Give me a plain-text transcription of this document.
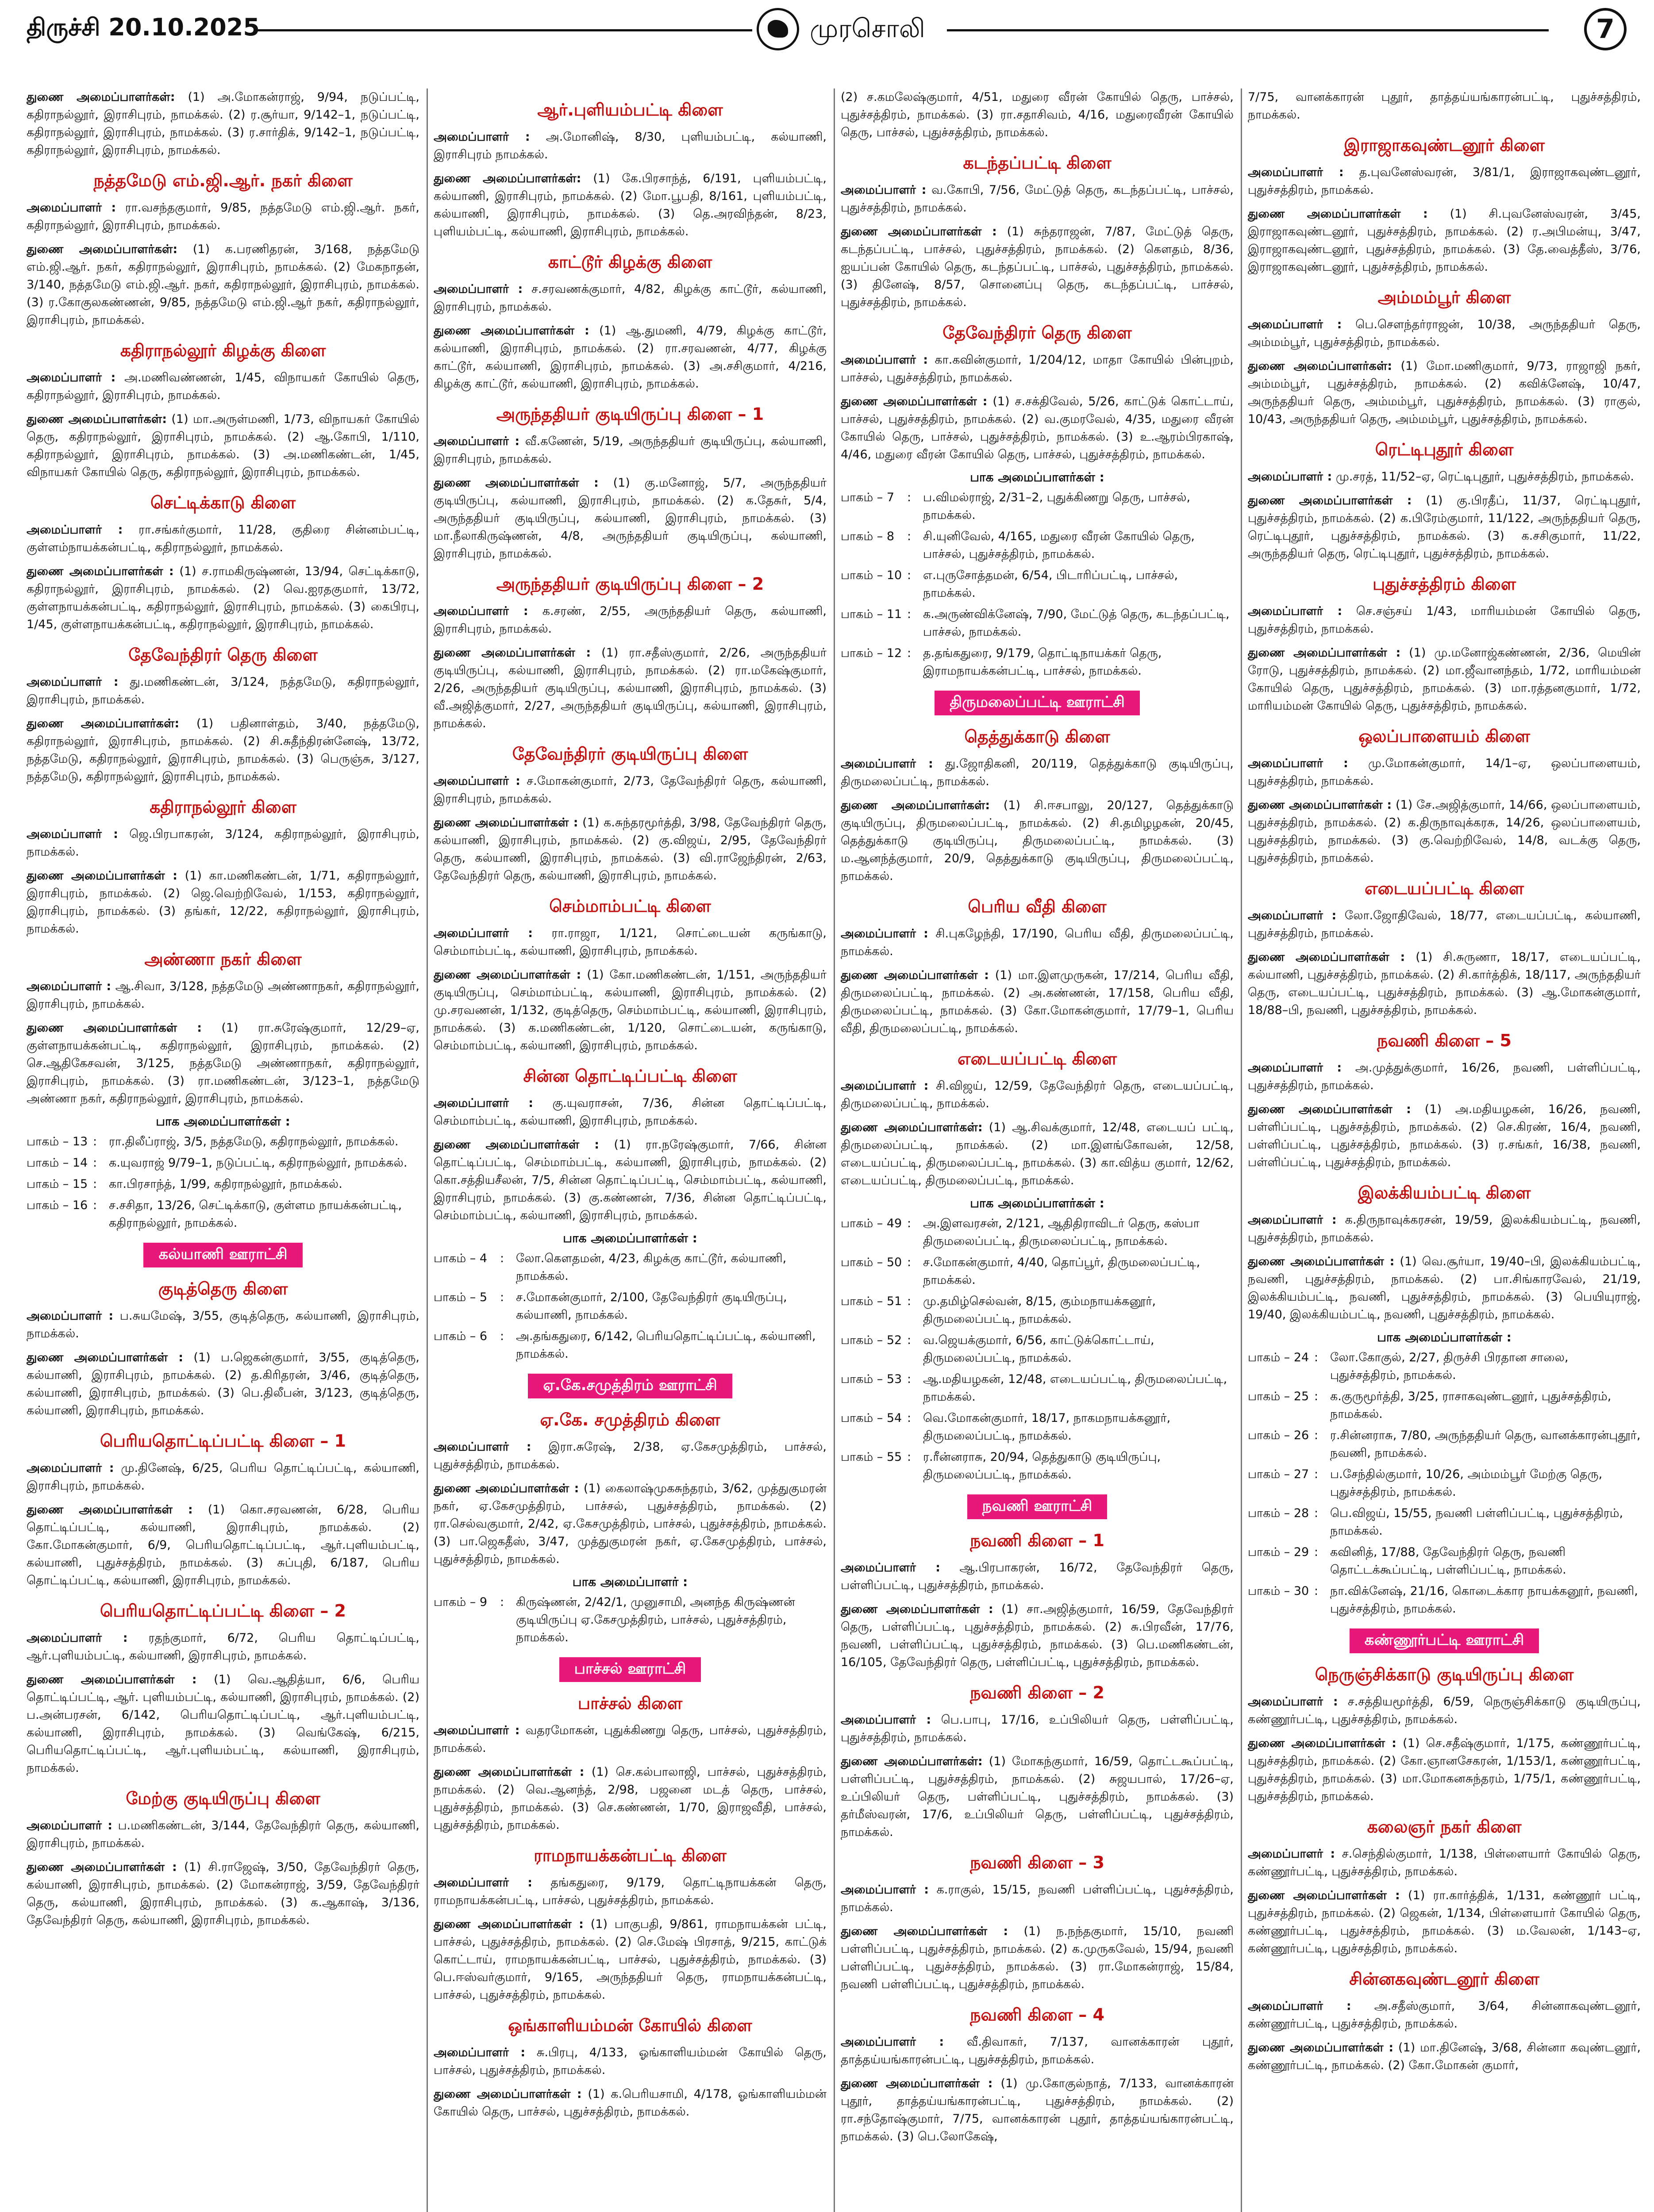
திருச்சி 20.10.2025	முரசொலி	7
துணை அமைப்பாளர்கள்: (1) அ.மோகன்ராஜ், 9/94, நடுப்பட்டி, கதிராநல்லூர், இராசிபுரம், நாமக்கல். (2) ர.சூர்யா, 9/142–1, நடுப்பட்டி, கதிராநல்லூர், இராசிபுரம், நாமக்கல். (3) ர.சார்திக், 9/142–1, நடுப்பட்டி, கதிராநல்லூர், இராசிபுரம், நாமக்கல்.
நத்தமேடு எம்.ஜி.ஆர். நகர் கிளை
அமைப்பாளர் : ரா.வசந்தகுமார், 9/85, நத்தமேடு எம்.ஜி.ஆர். நகர், கதிராநல்லூர், இராசிபுரம், நாமக்கல்.
துணை அமைப்பாளர்கள்: (1) க.பரணிதரன், 3/168, நத்தமேடு எம்.ஜி.ஆர். நகர், கதிராநல்லூர், இராசிபுரம், நாமக்கல். (2) மேகநாதன், 3/140, நத்தமேடு எம்.ஜி.ஆர். நகர், கதிராநல்லூர், இராசிபுரம், நாமக்கல். (3) ர.கோகுலகண்ணன், 9/85, நத்தமேடு எம்.ஜி.ஆர் நகர், கதிராநல்லூர், இராசிபுரம், நாமக்கல்.
கதிராநல்லூர் கிழக்கு கிளை
அமைப்பாளர் : அ.மணிவண்ணன், 1/45, விநாயகர் கோயில் தெரு, கதிராநல்லூர், இராசிபுரம், நாமக்கல்.
துணை அமைப்பாளர்கள்: (1) மா.அருள்மணி, 1/73, விநாயகர் கோயில் தெரு, கதிராநல்லூர், இராசிபுரம், நாமக்கல். (2) ஆ.கோபி, 1/110, கதிராநல்லூர், இராசிபுரம், நாமக்கல். (3) அ.மணிகண்டன், 1/45, விநாயகர் கோயில் தெரு, கதிராநல்லூர், இராசிபுரம், நாமக்கல்.
செட்டிக்காடு கிளை
அமைப்பாளர் : ரா.சங்கர்குமார், 11/28, குதிரை சின்னம்பட்டி, குள்ளம்நாயக்கன்பட்டி, கதிராநல்லூர், நாமக்கல்.
துணை அமைப்பாளர்கள் : (1) ச.ராமகிருஷ்ணன், 13/94, செட்டிக்காடு, கதிராநல்லூர், இராசிபுரம், நாமக்கல். (2) வெ.ஐரதகுமார், 13/72, குள்ளநாயக்கன்பட்டி, கதிராநல்லூர், இராசிபுரம், நாமக்கல். (3) கைபிரபு, 1/45, குள்ளநாயக்கன்பட்டி, கதிராநல்லூர், இராசிபுரம், நாமக்கல்.
தேவேந்திரர் தெரு கிளை
அமைப்பாளர் : து.மணிகண்டன், 3/124, நத்தமேடு, கதிராநல்லூர், இராசிபுரம், நாமக்கல்.
துணை அமைப்பாளர்கள்: (1) பதினாள்தம், 3/40, நத்தமேடு, கதிராநல்லூர், இராசிபுரம், நாமக்கல். (2) சி.சுதீந்திரன்னேஷ், 13/72, நத்தமேடு, கதிராநல்லூர், இராசிபுரம், நாமக்கல். (3) பெருஞ்சு, 3/127, நத்தமேடு, கதிராநல்லூர், இராசிபுரம், நாமக்கல்.
கதிராநல்லூர் கிளை
அமைப்பாளர் : ஜெ.பிரபாகரன், 3/124, கதிராநல்லூர், இராசிபுரம், நாமக்கல்.
துணை அமைப்பாளர்கள் : (1) கா.மணிகண்டன், 1/71, கதிராநல்லூர், இராசிபுரம், நாமக்கல். (2) ஜெ.வெற்றிவேல், 1/153, கதிராநல்லூர், இராசிபுரம், நாமக்கல். (3) தங்கர், 12/22, கதிராநல்லூர், இராசிபுரம், நாமக்கல்.
அண்ணா நகர் கிளை
அமைப்பாளர் : ஆ.சிவா, 3/128, நத்தமேடு அண்ணாநகர், கதிராநல்லூர், இராசிபுரம், நாமக்கல்.
துணை அமைப்பாளர்கள் : (1) ரா.சுரேஷ்குமார், 12/29–ஏ, குள்ளநாயக்கன்பட்டி, கதிராநல்லூர், இராசிபுரம், நாமக்கல். (2) செ.ஆதிகேசவன், 3/125, நத்தமேடு அண்ணாநகர், கதிராநல்லூர், இராசிபுரம், நாமக்கல். (3) ரா.மணிகண்டன், 3/123–1, நத்தமேடு அண்ணா நகர், கதிராநல்லூர், இராசிபுரம், நாமக்கல்.
பாக அமைப்பாளர்கள் :
பாகம் – 13 : ரா.திலீப்ராஜ், 3/5, நத்தமேடு, கதிராநல்லூர், நாமக்கல்.
பாகம் – 14 : க.யுவராஜ் 9/79–1, நடுப்பட்டி, கதிராநல்லூர், நாமக்கல்.
பாகம் – 15 : கா.பிரசாந்த், 1/99, கதிராநல்லூர், நாமக்கல்.
பாகம் – 16 : ச.சசிதா, 13/26, செட்டிக்காடு, குள்ளம நாயக்கன்பட்டி, கதிராநல்லூர், நாமக்கல்.
கல்யாணி ஊராட்சி
குடித்தெரு கிளை
அமைப்பாளர் : ப.சுயமேஷ், 3/55, குடித்தெரு, கல்யாணி, இராசிபுரம், நாமக்கல்.
துணை அமைப்பாளர்கள் : (1) ப.ஜெகன்குமார், 3/55, குடித்தெரு, கல்யாணி, இராசிபுரம், நாமக்கல். (2) த.கிரிதரன், 3/46, குடித்தெரு, கல்யாணி, இராசிபுரம், நாமக்கல். (3) பெ.திலீபன், 3/123, குடித்தெரு, கல்யாணி, இராசிபுரம், நாமக்கல்.
பெரியதொட்டிப்பட்டி கிளை – 1
அமைப்பாளர் : மு.தினேஷ், 6/25, பெரிய தொட்டிப்பட்டி, கல்யாணி, இராசிபுரம், நாமக்கல்.
துணை அமைப்பாளர்கள் : (1) கொ.சரவணன், 6/28, பெரிய தொட்டிப்பட்டி, கல்யாணி, இராசிபுரம், நாமக்கல். (2) கோ.மோகன்குமார், 6/9, பெரியதொட்டிப்பட்டி, ஆர்.புளியம்பட்டி, கல்யாணி, புதுச்சத்திரம், நாமக்கல். (3) சுப்புதி, 6/187, பெரிய தொட்டிப்பட்டி, கல்யாணி, இராசிபுரம், நாமக்கல்.
பெரியதொட்டிப்பட்டி கிளை – 2
அமைப்பாளர் : ரதந்குமார், 6/72, பெரிய தொட்டிப்பட்டி, ஆர்.புளியம்பட்டி, கல்யாணி, இராசிபுரம், நாமக்கல்.
துணை அமைப்பாளர்கள் : (1) வெ.ஆதித்யா, 6/6, பெரிய தொட்டிப்பட்டி, ஆர். புளியம்பட்டி, கல்யாணி, இராசிபுரம், நாமக்கல். (2) ப.அன்பரசன், 6/142, பெரியதொட்டிப்பட்டி, ஆர்.புளியம்பட்டி, கல்யாணி, இராசிபுரம், நாமக்கல். (3) வெங்கேஷ், 6/215, பெரியதொட்டிப்பட்டி, ஆர்.புளியம்பட்டி, கல்யாணி, இராசிபுரம், நாமக்கல்.
மேற்கு குடியிருப்பு கிளை
அமைப்பாளர் : ப.மணிகண்டன், 3/144, தேவேந்திரர் தெரு, கல்யாணி, இராசிபுரம், நாமக்கல்.
துணை அமைப்பாளர்கள் : (1) சி.ராஜேஷ், 3/50, தேவேந்திரர் தெரு, கல்யாணி, இராசிபுரம், நாமக்கல். (2) மோகன்ராஜ், 3/59, தேவேந்திரர் தெரு, கல்யாணி, இராசிபுரம், நாமக்கல். (3) க.ஆகாஷ், 3/136, தேவேந்திரர் தெரு, கல்யாணி, இராசிபுரம், நாமக்கல்.
ஆர்.புளியம்பட்டி கிளை
அமைப்பாளர் : அ.மோனிஷ், 8/30, புளியம்பட்டி, கல்யாணி, இராசிபுரம் நாமக்கல்.
துணை அமைப்பாளர்கள்: (1) கே.பிரசாந்த், 6/191, புளியம்பட்டி, கல்யாணி, இராசிபுரம், நாமக்கல். (2) மோ.பூபதி, 8/161, புளியம்பட்டி, கல்யாணி, இராசிபுரம், நாமக்கல். (3) தெ.அரவிந்தன், 8/23, புளியம்பட்டி, கல்யாணி, இராசிபுரம், நாமக்கல்.
காட்டூர் கிழக்கு கிளை
அமைப்பாளர் : ச.சரவணக்குமார், 4/82, கிழக்கு காட்டூர், கல்யாணி, இராசிபுரம், நாமக்கல்.
துணை அமைப்பாளர்கள் : (1) ஆ.துமணி, 4/79, கிழக்கு காட்டூர், கல்யாணி, இராசிபுரம், நாமக்கல். (2) ரா.சரவணன், 4/77, கிழக்கு காட்டூர், கல்யாணி, இராசிபுரம், நாமக்கல். (3) அ.சசிகுமார், 4/216, கிழக்கு காட்டூர், கல்யாணி, இராசிபுரம், நாமக்கல்.
அருந்ததியர் குடியிருப்பு கிளை – 1
அமைப்பாளர் : வீ.கணேன், 5/19, அருந்ததியர் குடியிருப்பு, கல்யாணி, இராசிபுரம், நாமக்கல்.
துணை அமைப்பாளர்கள் : (1) கு.மனோஜ், 5/7, அருந்ததியர் குடியிருப்பு, கல்யாணி, இராசிபுரம், நாமக்கல். (2) க.தேசுர், 5/4, அருந்ததியர் குடியிருப்பு, கல்யாணி, இராசிபுரம், நாமக்கல். (3) மா.நீலாகிருஷ்ணன், 4/8, அருந்ததியர் குடியிருப்பு, கல்யாணி, இராசிபுரம், நாமக்கல்.
அருந்ததியர் குடியிருப்பு கிளை – 2
அமைப்பாளர் : க.சரண், 2/55, அருந்ததியர் தெரு, கல்யாணி, இராசிபுரம், நாமக்கல்.
துணை அமைப்பாளர்கள் : (1) ரா.சதீஸ்குமார், 2/26, அருந்ததியர் குடியிருப்பு, கல்யாணி, இராசிபுரம், நாமக்கல். (2) ரா.மகேஷ்குமார், 2/26, அருந்ததியர் குடியிருப்பு, கல்யாணி, இராசிபுரம், நாமக்கல். (3) வீ.அஜித்குமார், 2/27, அருந்ததியர் குடியிருப்பு, கல்யாணி, இராசிபுரம், நாமக்கல்.
தேவேந்திரர் குடியிருப்பு கிளை
அமைப்பாளர் : ச.மோகன்குமார், 2/73, தேவேந்திரர் தெரு, கல்யாணி, இராசிபுரம், நாமக்கல்.
துணை அமைப்பாளர்கள் : (1) க.சுந்தரமூர்த்தி, 3/98, தேவேந்திரர் தெரு, கல்யாணி, இராசிபுரம், நாமக்கல். (2) கு.விஜய், 2/95, தேவேந்திரர் தெரு, கல்யாணி, இராசிபுரம், நாமக்கல். (3) வி.ராஜேந்திரன், 2/63, தேவேந்திரர் தெரு, கல்யாணி, இராசிபுரம், நாமக்கல்.
செம்மாம்பட்டி கிளை
அமைப்பாளர் : ரா.ராஜா, 1/121, சொட்டையன் கருங்காடு, செம்மாம்பட்டி, கல்யாணி, இராசிபுரம், நாமக்கல்.
துணை அமைப்பாளர்கள் : (1) கோ.மணிகண்டன், 1/151, அருந்ததியர் குடியிருப்பு, செம்மாம்பட்டி, கல்யாணி, இராசிபுரம், நாமக்கல். (2) மு.சரவணன், 1/132, குடித்தெரு, செம்மாம்பட்டி, கல்யாணி, இராசிபுரம், நாமக்கல். (3) க.மணிகண்டன், 1/120, சொட்டையன், கருங்காடு, செம்மாம்பட்டி, கல்யாணி, இராசிபுரம், நாமக்கல்.
சின்ன தொட்டிப்பட்டி கிளை
அமைப்பாளர் : கு.யுவராசன், 7/36, சின்ன தொட்டிப்பட்டி, செம்மாம்பட்டி, கல்யாணி, இராசிபுரம், நாமக்கல்.
துணை அமைப்பாளர்கள் : (1) ரா.நரேஷ்குமார், 7/66, சின்ன தொட்டிப்பட்டி, செம்மாம்பட்டி, கல்யாணி, இராசிபுரம், நாமக்கல். (2) கொ.சத்தியசீலன், 7/5, சின்ன தொட்டிப்பட்டி, செம்மாம்பட்டி, கல்யாணி, இராசிபுரம், நாமக்கல். (3) கு.கண்ணன், 7/36, சின்ன தொட்டிப்பட்டி, செம்மாம்பட்டி, கல்யாணி, இராசிபுரம், நாமக்கல்.
பாக அமைப்பாளர்கள் :
பாகம் – 4	: லோ.கௌதமன், 4/23, கிழக்கு காட்டூர், கல்யாணி, நாமக்கல்.
பாகம் – 5	: ச.மோகன்குமார், 2/100, தேவேந்திரர் குடியிருப்பு, கல்யாணி, நாமக்கல்.
பாகம் – 6	: அ.தங்கதுரை, 6/142, பெரியதொட்டிப்பட்டி, கல்யாணி, நாமக்கல்.
ஏ.கே.சமுத்திரம் ஊராட்சி
ஏ.கே. சமுத்திரம் கிளை
அமைப்பாளர் : இரா.சுரேஷ், 2/38, ஏ.கேசமுத்திரம், பாச்சல், புதுச்சத்திரம், நாமக்கல்.
துணை அமைப்பாளர்கள் : (1) கைலாஷ்முகசுந்தரம், 3/62, முத்துகுமரன் நகர், ஏ.கேசமுத்திரம், பாச்சல், புதுச்சத்திரம், நாமக்கல். (2) ரா.செல்வகுமார், 2/42, ஏ.கேசமுத்திரம், பாச்சல், புதுச்சத்திரம், நாமக்கல். (3) பா.ஜெகதீஸ், 3/47, முத்துகுமரன் நகர், ஏ.கேசமுத்திரம், பாச்சல், புதுச்சத்திரம், நாமக்கல்.
பாக அமைப்பாளர் :
பாகம் – 9	: கிருஷ்ணன், 2/42/1, முனுசாமி, அனந்த கிருஷ்ணன் குடியிருப்பு ஏ.கேசமுத்திரம், பாச்சல், புதுச்சத்திரம், நாமக்கல்.
பாச்சல் ஊராட்சி
பாச்சல் கிளை
அமைப்பாளர் : வதரமோகன், புதுக்கிணறு தெரு, பாச்சல், புதுச்சத்திரம், நாமக்கல்.
துணை அமைப்பாளர்கள் : (1) செ.கல்பாலாஜி, பாச்சல், புதுச்சத்திரம், நாமக்கல். (2) வெ.ஆனந்த், 2/98, பஜனை மடத் தெரு, பாச்சல், புதுச்சத்திரம், நாமக்கல். (3) செ.கண்ணன், 1/70, இராஜவீதி, பாச்சல், புதுச்சத்திரம், நாமக்கல்.
ராமநாயக்கன்பட்டி கிளை
அமைப்பாளர் : தங்கதுரை, 9/179, தொட்டிநாயக்கன் தெரு, ராமநாயக்கன்பட்டி, பாச்சல், புதுச்சத்திரம், நாமக்கல்.
துணை அமைப்பாளர்கள் : (1) பாகுபதி, 9/861, ராமநாயக்கன் பட்டி, பாச்சல், புதுச்சத்திரம், நாமக்கல். (2) செ.மேஷ் பிரசாத், 9/215, காட்டுக் கொட்டாய், ராமநாயக்கன்பட்டி, பாச்சல், புதுச்சத்திரம், நாமக்கல். (3) பெ.ஈஸ்வர்குமார், 9/165, அருந்ததியர் தெரு, ராமநாயக்கன்பட்டி, பாச்சல், புதுச்சத்திரம், நாமக்கல்.
ஒங்காளியம்மன் கோயில் கிளை
அமைப்பாளர் : சு.பிரபு, 4/133, ஓங்காளியம்மன் கோயில் தெரு, பாச்சல், புதுச்சத்திரம், நாமக்கல்.
துணை அமைப்பாளர்கள் : (1) க.பெரியசாமி, 4/178, ஓங்காளியம்மன் கோயில் தெரு, பாச்சல், புதுச்சத்திரம், நாமக்கல்.
(2) ச.கமலேஷ்குமார், 4/51, மதுரை வீரன் கோயில் தெரு, பாச்சல், புதுச்சத்திரம், நாமக்கல். (3) ரா.சதாசிவம், 4/16, மதுரைவீரன் கோயில் தெரு, பாச்சல், புதுச்சத்திரம், நாமக்கல்.
கடந்தப்பட்டி கிளை
அமைப்பாளர் : வ.கோபி, 7/56, மேட்டுத் தெரு, கடந்தப்பட்டி, பாச்சல், புதுச்சத்திரம், நாமக்கல்.
துணை அமைப்பாளர்கள் : (1) சுந்தராஜன், 7/87, மேட்டுத் தெரு, கடந்தப்பட்டி, பாச்சல், புதுச்சத்திரம், நாமக்கல். (2) கௌதம், 8/36, ஐயப்பன் கோயில் தெரு, கடந்தப்பட்டி, பாச்சல், புதுச்சத்திரம், நாமக்கல். (3) தினேஷ், 8/57, சொனைப்பு தெரு, கடந்தப்பட்டி, பாச்சல், புதுச்சத்திரம், நாமக்கல்.
தேவேந்திரர் தெரு கிளை
அமைப்பாளர் : கா.கவின்குமார், 1/204/12, மாதா கோயில் பின்புறம், பாச்சல், புதுச்சத்திரம், நாமக்கல்.
துணை அமைப்பாளர்கள் : (1) ச.சக்திவேல், 5/26, காட்டுக் கொட்டாய், பாச்சல், புதுச்சத்திரம், நாமக்கல். (2) வ.குமரவேல், 4/35, மதுரை வீரன் கோயில் தெரு, பாச்சல், புதுச்சத்திரம், நாமக்கல். (3) உ.ஆரம்பிரகாஷ், 4/46, மதுரை வீரன் கோயில் தெரு, பாச்சல், புதுச்சத்திரம், நாமக்கல்.
பாக அமைப்பாளர்கள் :
பாகம் – 7	: ப.விமல்ராஜ், 2/31–2, புதுக்கிணறு தெரு, பாச்சல், நாமக்கல்.
பாகம் – 8	: சி.யுனிவேல், 4/165, மதுரை வீரன் கோயில் தெரு, பாச்சல், புதுச்சத்திரம், நாமக்கல்.
பாகம் – 10 : எ.புருசோத்தமன், 6/54, பிடாரிப்பட்டி, பாச்சல், நாமக்கல்.
பாகம் – 11 : க.அருண்விக்னேஷ், 7/90, மேட்டுத் தெரு, கடந்தப்பட்டி, பாச்சல், நாமக்கல்.
பாகம் – 12 : த.தங்கதுரை, 9/179, தொட்டிநாயக்கர் தெரு, இராமநாயக்கன்பட்டி, பாச்சல், நாமக்கல்.
திருமலைப்பட்டி ஊராட்சி
தெத்துக்காடு கிளை
அமைப்பாளர் : து.ஜோதிகனி, 20/119, தெத்துக்காடு குடியிருப்பு, திருமலைப்பட்டி, நாமக்கல்.
துணை அமைப்பாளர்கள்: (1) சி.ஈசபாலு, 20/127, தெத்துக்காடு குடியிருப்பு, திருமலைப்பட்டி, நாமக்கல். (2) சி.தமிழழகன், 20/45, தெத்துக்காடு குடியிருப்பு, திருமலைப்பட்டி, நாமக்கல். (3) ம.ஆனந்த்குமார், 20/9, தெத்துக்காடு குடியிருப்பு, திருமலைப்பட்டி, நாமக்கல்.
பெரிய வீதி கிளை
அமைப்பாளர் : சி.புகழேந்தி, 17/190, பெரிய வீதி, திருமலைப்பட்டி, நாமக்கல்.
துணை அமைப்பாளர்கள் : (1) மா.இளமுருகன், 17/214, பெரிய வீதி, திருமலைப்பட்டி, நாமக்கல். (2) அ.கண்ணன், 17/158, பெரிய வீதி, திருமலைப்பட்டி, நாமக்கல். (3) கோ.மோகன்குமார், 17/79–1, பெரிய வீதி, திருமலைப்பட்டி, நாமக்கல்.
எடையப்பட்டி கிளை
அமைப்பாளர் : சி.விஜய், 12/59, தேவேந்திரர் தெரு, எடையப்பட்டி, திருமலைப்பட்டி, நாமக்கல்.
துணை அமைப்பாளர்கள்: (1) ஆ.சிவக்குமார், 12/48, எடையப் பட்டி, திருமலைப்பட்டி, நாமக்கல். (2) மா.இளங்கோவன், 12/58, எடையப்பட்டி, திருமலைப்பட்டி, நாமக்கல். (3) கா.வித்ய குமார், 12/62, எடையப்பட்டி, திருமலைப்பட்டி, நாமக்கல்.
பாக அமைப்பாளர்கள் :
பாகம் – 49 : அ.இளவரசன், 2/121, ஆதிதிராவிடர் தெரு, கஸ்பா திருமலைப்பட்டி, திருமலைப்பட்டி, நாமக்கல்.
பாகம் – 50 : ச.மோகன்குமார், 4/40, தொப்பூர், திருமலைப்பட்டி, நாமக்கல்.
பாகம் – 51 : மு.தமிழ்செல்வன், 8/15, கும்மநாயக்கனூர், திருமலைப்பட்டி, நாமக்கல்.
பாகம் – 52 : வ.ஜெயக்குமார், 6/56, காட்டுக்கொட்டாய், திருமலைப்பட்டி, நாமக்கல்.
பாகம் – 53 : ஆ.மதியழகன், 12/48, எடையப்பட்டி, திருமலைப்பட்டி, நாமக்கல்.
பாகம் – 54 : வெ.மோகன்குமார், 18/17, நாகமநாயக்கனூர், திருமலைப்பட்டி, நாமக்கல்.
பாகம் – 55 : ர.ரீன்னராசு, 20/94, தெத்துகாடு குடியிருப்பு, திருமலைப்பட்டி, நாமக்கல்.
நவணி ஊராட்சி
நவணி கிளை – 1
அமைப்பாளர் : ஆ.பிரபாகரன், 16/72, தேவேந்திரர் தெரு, பள்ளிப்பட்டி, புதுச்சத்திரம், நாமக்கல்.
துணை அமைப்பாளர்கள் : (1) சா.அஜித்குமார், 16/59, தேவேந்திரர் தெரு, பள்ளிப்பட்டி, புதுச்சத்திரம், நாமக்கல். (2) சு.பிரவீன், 17/76, நவணி, பள்ளிப்பட்டி, புதுச்சத்திரம், நாமக்கல். (3) பெ.மணிகண்டன், 16/105, தேவேந்திரர் தெரு, பள்ளிப்பட்டி, புதுச்சத்திரம், நாமக்கல்.
நவணி கிளை – 2
அமைப்பாளர் : பெ.பாபு, 17/16, உப்பிலியர் தெரு, பள்ளிப்பட்டி, புதுச்சத்திரம், நாமக்கல்.
துணை அமைப்பாளர்கள்: (1) மோகந்குமார், 16/59, தொட்டகூப்பட்டி, பள்ளிப்பட்டி, புதுச்சத்திரம், நாமக்கல். (2) சுஜயபால், 17/26–ஏ, உப்பிலியர் தெரு, பள்ளிப்பட்டி, புதுச்சத்திரம், நாமக்கல். (3) தர்மீஸ்வரன், 17/6, உப்பிலியர் தெரு, பள்ளிப்பட்டி, புதுச்சத்திரம், நாமக்கல்.
நவணி கிளை – 3
அமைப்பாளர் : க.ராகுல், 15/15, நவணி பள்ளிப்பட்டி, புதுச்சத்திரம், நாமக்கல்.
துணை அமைப்பாளர்கள் : (1) ந.நந்தகுமார், 15/10, நவணி பள்ளிப்பட்டி, புதுச்சத்திரம், நாமக்கல். (2) க.முருகவேல், 15/94, நவணி பள்ளிப்பட்டி, புதுச்சத்திரம், நாமக்கல். (3) ரா.மோகன்ராஜ், 15/84, நவணி பள்ளிப்பட்டி, புதுச்சத்திரம், நாமக்கல்.
நவணி கிளை – 4
அமைப்பாளர் : வீ.திவாகர், 7/137, வானக்காரன் புதூர், தாத்தய்யங்காரன்பட்டி, புதுச்சத்திரம், நாமக்கல்.
துணை அமைப்பாளர்கள் : (1) மு.கோகுல்நாத், 7/133, வானக்காரன் புதூர், தாத்தய்யங்காரன்பட்டி, புதுச்சத்திரம், நாமக்கல். (2) ரா.சந்தோஷ்குமார், 7/75, வானக்காரன் புதூர், தாத்தய்யங்காரன்பட்டி, நாமக்கல். (3) பெ.லோகேஷ்,
7/75, வானக்காரன் புதூர், தாத்தய்யங்காரன்பட்டி, புதுச்சத்திரம், நாமக்கல்.
இராஜாகவுண்டனூர் கிளை
அமைப்பாளர் : த.புவனேஸ்வரன், 3/81/1, இராஜாகவுண்டனூர், புதுச்சத்திரம், நாமக்கல்.
துணை அமைப்பாளர்கள் : (1) சி.புவனேஸ்வரன், 3/45, இராஜாகவுண்டனூர், புதுச்சத்திரம், நாமக்கல். (2) ர.அபிமன்யு, 3/47, இராஜாகவுண்டனூர், புதுச்சத்திரம், நாமக்கல். (3) தே.வைத்தீஸ், 3/76, இராஜாகவுண்டனூர், புதுச்சத்திரம், நாமக்கல்.
அம்மம்பூர் கிளை
அமைப்பாளர் : பெ.சௌந்தர்ராஜன், 10/38, அருந்ததியர் தெரு, அம்மம்பூர், புதுச்சத்திரம், நாமக்கல்.
துணை அமைப்பாளர்கள்: (1) மோ.மணிகுமார், 9/73, ராஜாஜி நகர், அம்மம்பூர், புதுச்சத்திரம், நாமக்கல். (2) கவிக்னேஷ், 10/47, அருந்ததியர் தெரு, அம்மம்பூர், புதுச்சத்திரம், நாமக்கல். (3) ராகுல், 10/43, அருந்ததியர் தெரு, அம்மம்பூர், புதுச்சத்திரம், நாமக்கல்.
ரெட்டிபுதூர் கிளை
அமைப்பாளர் : மு.சரத், 11/52–ஏ, ரெட்டிபுதூர், புதுச்சத்திரம், நாமக்கல்.
துணை அமைப்பாளர்கள் : (1) கு.பிரதீப், 11/37, ரெட்டிபுதூர், புதுச்சத்திரம், நாமக்கல். (2) க.பிரேம்குமார், 11/122, அருந்ததியர் தெரு, ரெட்டிபுதூர், புதுச்சத்திரம், நாமக்கல். (3) க.சசிகுமார், 11/22, அருந்ததியர் தெரு, ரெட்டிபுதூர், புதுச்சத்திரம், நாமக்கல்.
புதுச்சத்திரம் கிளை
அமைப்பாளர் : செ.சஞ்சய் 1/43, மாரியம்மன் கோயில் தெரு, புதுச்சத்திரம், நாமக்கல்.
துணை அமைப்பாளர்கள் : (1) மு.மனோஜ்கண்ணன், 2/36, மெயின் ரோடு, புதுச்சத்திரம், நாமக்கல். (2) மா.ஜீவானந்தம், 1/72, மாரியம்மன் கோயில் தெரு, புதுச்சத்திரம், நாமக்கல். (3) மா.ரத்தனகுமார், 1/72, மாரியம்மன் கோயில் தெரு, புதுச்சத்திரம், நாமக்கல்.
ஒலப்பாளையம் கிளை
அமைப்பாளர் : மு.மோகன்குமார், 14/1–ஏ, ஒலப்பாளையம், புதுச்சத்திரம், நாமக்கல்.
துணை அமைப்பாளர்கள் : (1) சே.அஜித்குமார், 14/66, ஒலப்பாளையம், புதுச்சத்திரம், நாமக்கல். (2) க.திருநாவுக்கரசு, 14/26, ஒலப்பாளையம், புதுச்சத்திரம், நாமக்கல். (3) கு.வெற்றிவேல், 14/8, வடக்கு தெரு, புதுச்சத்திரம், நாமக்கல்.
எடையப்பட்டி கிளை
அமைப்பாளர் : லோ.ஜோதிவேல், 18/77, எடையப்பட்டி, கல்யாணி, புதுச்சத்திரம், நாமக்கல்.
துணை அமைப்பாளர்கள் : (1) சி.சுருணா, 18/17, எடையப்பட்டி, கல்யாணி, புதுச்சத்திரம், நாமக்கல். (2) சி.கார்த்திக், 18/117, அருந்ததியர் தெரு, எடையப்பட்டி, புதுச்சத்திரம், நாமக்கல். (3) ஆ.மோகன்குமார், 18/88–பி, நவணி, புதுச்சத்திரம், நாமக்கல்.
நவணி கிளை – 5
அமைப்பாளர் : அ.முத்துக்குமார், 16/26, நவணி, பள்ளிப்பட்டி, புதுச்சத்திரம், நாமக்கல்.
துணை அமைப்பாளர்கள் : (1) அ.மதியழகன், 16/26, நவணி, பள்ளிப்பட்டி, புதுச்சத்திரம், நாமக்கல். (2) செ.கிரண், 16/4, நவணி, பள்ளிப்பட்டி, புதுச்சத்திரம், நாமக்கல். (3) ர.சங்கர், 16/38, நவணி, பள்ளிப்பட்டி, புதுச்சத்திரம், நாமக்கல்.
இலக்கியம்பட்டி கிளை
அமைப்பாளர் : க.திருநாவுக்கரசன், 19/59, இலக்கியம்பட்டி, நவணி, புதுச்சத்திரம், நாமக்கல்.
துணை அமைப்பாளர்கள் : (1) வெ.சூர்யா, 19/40–பி, இலக்கியம்பட்டி, நவணி, புதுச்சத்திரம், நாமக்கல். (2) பா.சிங்காரவேல், 21/19, இலக்கியம்பட்டி, நவணி, புதுச்சத்திரம், நாமக்கல். (3) பெயியுராஜ், 19/40, இலக்கியம்பட்டி, நவணி, புதுச்சத்திரம், நாமக்கல்.
பாக அமைப்பாளர்கள் :
பாகம் – 24 : லோ.கோகுல், 2/27, திருச்சி பிரதான சாலை, புதுச்சத்திரம், நாமக்கல்.
பாகம் – 25 : க.குருமூர்த்தி, 3/25, ராசாகவுண்டனூர், புதுச்சத்திரம், நாமக்கல்.
பாகம் – 26 : ர.சின்னராசு, 7/80, அருந்ததியர் தெரு, வானக்காரன்புதூர், நவணி, நாமக்கல்.
பாகம் – 27 : ப.சேந்தில்குமார், 10/26, அம்மம்பூர் மேற்கு தெரு, புதுச்சத்திரம், நாமக்கல்.
பாகம் – 28 : பெ.விஜய், 15/55, நவணி பள்ளிப்பட்டி, புதுச்சத்திரம், நாமக்கல்.
பாகம் – 29 : கவினித், 17/88, தேவேந்திரர் தெரு, நவணி தொட்டக்கூப்பட்டி, பள்ளிப்பட்டி, நாமக்கல்.
பாகம் – 30 : நா.விக்னேஷ், 21/16, கொடைக்கார நாயக்கனூர், நவணி, புதுச்சத்திரம், நாமக்கல்.
கண்ணூர்பட்டி ஊராட்சி
நெருஞ்சிக்காடு குடியிருப்பு கிளை
அமைப்பாளர் : ச.சத்தியமூர்த்தி, 6/59, நெருஞ்சிக்காடு குடியிருப்பு, கண்ணூர்பட்டி, புதுச்சத்திரம், நாமக்கல்.
துணை அமைப்பாளர்கள் : (1) செ.சதீஷ்குமார், 1/175, கண்ணூர்பட்டி, புதுச்சத்திரம், நாமக்கல். (2) கோ.ஞானசேகரன், 1/153/1, கண்ணூர்பட்டி, புதுச்சத்திரம், நாமக்கல். (3) மா.மோகனசுந்தரம், 1/75/1, கண்ணூர்பட்டி, புதுச்சத்திரம், நாமக்கல்.
கலைஞர் நகர் கிளை
அமைப்பாளர் : ச.செந்தில்குமார், 1/138, பிள்ளையார் கோயில் தெரு, கண்ணூர்பட்டி, புதுச்சத்திரம், நாமக்கல்.
துணை அமைப்பாளர்கள் : (1) ரா.கார்த்திக், 1/131, கண்ணூர் பட்டி, புதுச்சத்திரம், நாமக்கல். (2) ஜெகன், 1/134, பிள்ளையார் கோயில் தெரு, கண்ணூர்பட்டி, புதுச்சத்திரம், நாமக்கல். (3) ம.வேலன், 1/143–ஏ, கண்ணூர்பட்டி, புதுச்சத்திரம், நாமக்கல்.
சின்னகவுண்டனூர் கிளை
அமைப்பாளர் : அ.சதீஸ்குமார், 3/64, சின்னாகவுண்டனூர், கண்ணூர்பட்டி, புதுச்சத்திரம், நாமக்கல்.
துணை அமைப்பாளர்கள் : (1) மா.தினேஷ், 3/68, சின்னா கவுண்டனூர், கண்ணூர்பட்டி, நாமக்கல். (2) கோ.மோகன் குமார்,
